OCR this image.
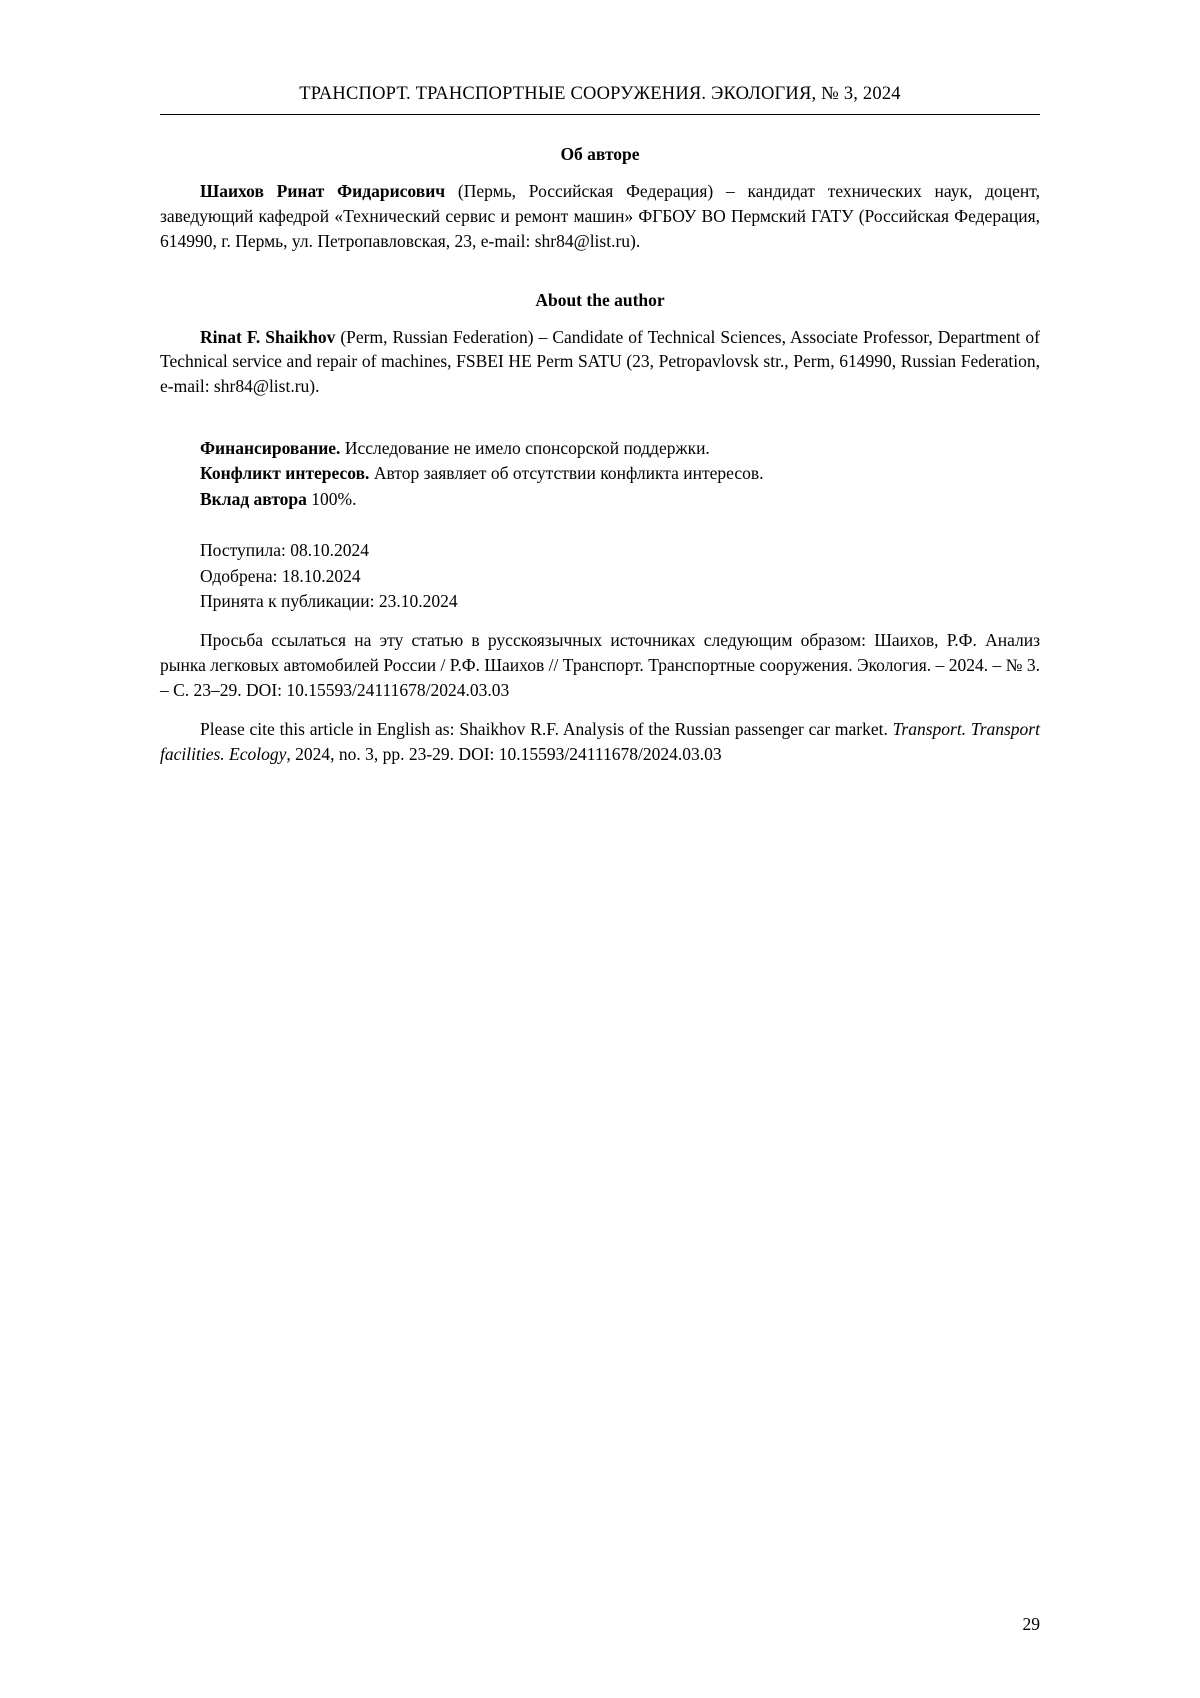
ТРАНСПОРТ. ТРАНСПОРТНЫЕ СООРУЖЕНИЯ. ЭКОЛОГИЯ, № 3, 2024
Об авторе

Шаихов Ринат Фидарисович (Пермь, Российская Федерация) – кандидат технических наук, доцент, заведующий кафедрой «Технический сервис и ремонт машин» ФГБОУ ВО Пермский ГАТУ (Российская Федерация, 614990, г. Пермь, ул. Петропавловская, 23, e-mail: shr84@list.ru).

About the author

Rinat F. Shaikhov (Perm, Russian Federation) – Candidate of Technical Sciences, Associate Professor, Department of Technical service and repair of machines, FSBEI HE Perm SATU (23, Petropavlovsk str., Perm, 614990, Russian Federation, e-mail: shr84@list.ru).

Финансирование. Исследование не имело спонсорской поддержки.
Конфликт интересов. Автор заявляет об отсутствии конфликта интересов.
Вклад автора 100%.
Поступила: 08.10.2024
Одобрена: 18.10.2024
Принята к публикации: 23.10.2024

Просьба ссылаться на эту статью в русскоязычных источниках следующим образом: Шаихов, Р.Ф. Анализ рынка легковых автомобилей России / Р.Ф. Шаихов // Транспорт. Транспортные сооружения. Экология. – 2024. – № 3. – С. 23–29. DOI: 10.15593/24111678/2024.03.03

Please cite this article in English as: Shaikhov R.F. Analysis of the Russian passenger car market. Transport. Transport facilities. Ecology, 2024, no. 3, pp. 23-29. DOI: 10.15593/24111678/2024.03.03

29
